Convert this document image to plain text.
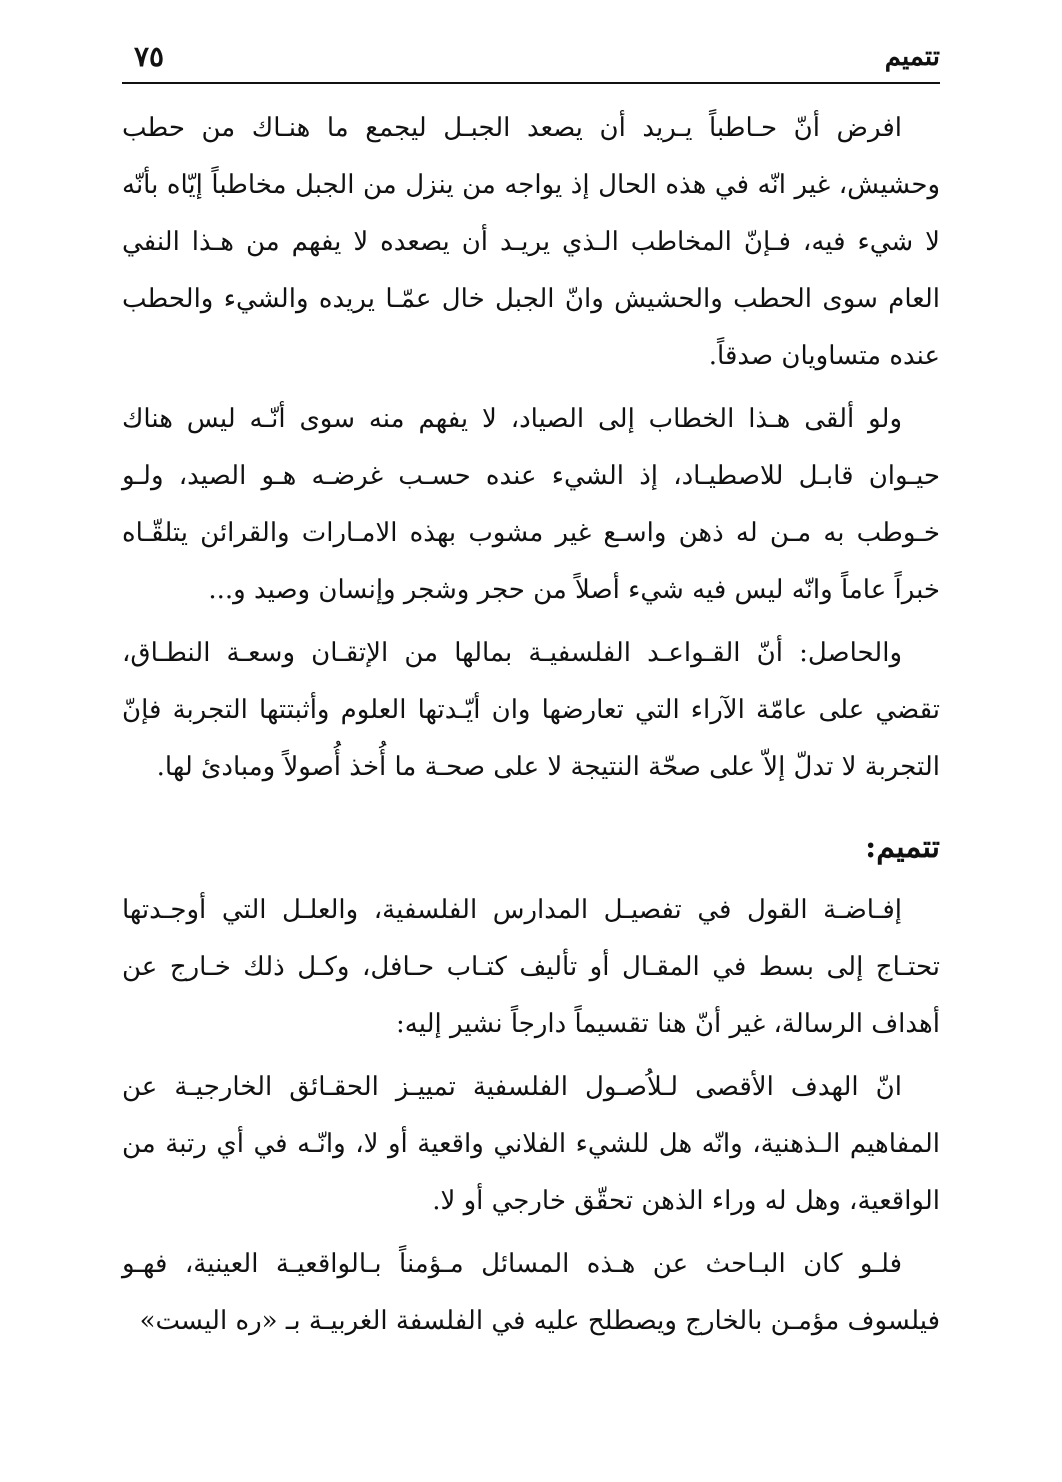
تتميم
٧٥

افرض أنّ حـاطباً يـريد أن يصعد الجبـل ليجمع ما هنـاك من حطب وحشيش، غير انّه في هذه الحال إذ يواجه من ينزل من الجبل مخاطباً إيّاه بأنّه لا شيء فيه، فـإنّ المخاطب الـذي يريـد أن يصعده لا يفهم من هـذا النفي العام سوى الحطب والحشيش وانّ الجبل خال عمّـا يريده والشيء والحطب عنده متساويان صدقاً.

ولو ألقى هـذا الخطاب إلى الصياد، لا يفهم منه سوى أنّـه ليس هناك حيـوان قابـل للاصطيـاد، إذ الشيء عنده حسـب غرضـه هـو الصيد، ولـو خـوطب به مـن له ذهن واسـع غير مشوب بهذه الامـارات والقرائن يتلقّـاه خبراً عاماً وانّه ليس فيه شيء أصلاً من حجر وشجر وإنسان وصيد و...

والحاصل: أنّ القـواعـد الفلسفيـة بمالها من الإتقـان وسعـة النطـاق، تقضي على عامّة الآراء التي تعارضها وان أيّـدتها العلوم وأثبتتها التجربة فإنّ التجربة لا تدلّ إلاّ على صحّة النتيجة لا على صحـة ما أُخذ أُصولاً ومبادئ لها.

تتميم:

إفـاضـة القول في تفصيـل المدارس الفلسفية، والعلـل التي أوجـدتها تحتـاج إلى بسط في المقـال أو تأليف كتـاب حـافل، وكـل ذلك خـارج عن أهداف الرسالة، غير أنّ هنا تقسيماً دارجاً نشير إليه:

انّ الهدف الأقصى لـلاُصـول الفلسفية تمييـز الحقـائق الخارجيـة عن المفاهيم الـذهنية، وانّه هل للشيء الفلاني واقعية أو لا، وانّـه في أي رتبة من الواقعية، وهل له وراء الذهن تحقّق خارجي أو لا.

فلـو كان البـاحث عن هـذه المسائل مـؤمناً بـالواقعيـة العينية، فهـو فيلسوف مؤمـن بالخارج ويصطلح عليه في الفلسفة الغربيـة بـ «ره اليست»
